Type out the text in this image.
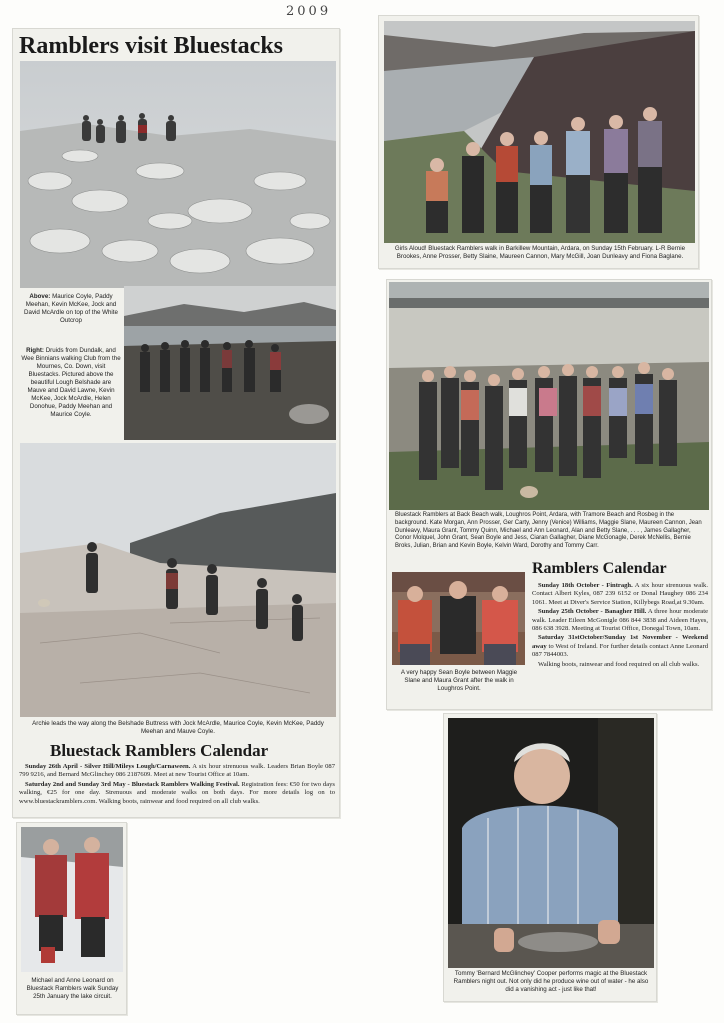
2009
Ramblers visit Bluestacks
Above: Maurice Coyle, Paddy Meehan, Kevin McKee, Jock and David McArdle on top of the White Outcrop
Right: Druids from Dundalk, and Wee Binnians walking Club from the Mournes, Co. Down, visit Bluestacks. Pictured above the beautiful Lough Belshade are Mauve and David Lawne, Kevin McKee, Jock McArdle, Helen Donohue, Paddy Meehan and Maurice Coyle.
Archie leads the way along the Belshade Buttress with Jock McArdle, Maurice Coyle, Kevin McKee, Paddy Meehan and Mauve Coyle.
Bluestack Ramblers Calendar

Sunday 26th April - Silver Hill/Mileys Lough/Carnaween. A six hour strenuous walk. Leaders Brian Boyle 087 799 9216, and Bernard McGlinchey 086 2187609. Meet at new Tourist Office at 10am.

Saturday 2nd and Sunday 3rd May - Bluestack Ramblers Walking Festival. Registration fees: €50 for two days walking, €25 for one day. Strenuous and moderate walks on both days. For more details log on to www.bluestackramblers.com. Walking boots, rainwear and food required on all club walks.

Girls Aloud! Bluestack Ramblers walk in Barkillew Mountain, Ardara, on Sunday 15th February. L-R Bernie Brookes, Anne Prosser, Betty Slaine, Maureen Cannon, Mary McGill, Joan Dunleavy and Fiona Baglane.
Bluestack Ramblers at Back Beach walk, Loughros Point, Ardara, with Tramore Beach and Rosbeg in the background. Kate Morgan, Ann Prosser, Ger Carty, Jenny (Venice) Williams, Maggie Slane, Maureen Cannon, Jean Dunleavy, Maura Grant, Tommy Quinn, Michael and Ann Leonard, Alan and Betty Slane, . . . , James Gallagher, Conor Molquel, John Grant, Sean Boyle and Jess, Ciaran Gallagher, Diane McGonagle, Derek McNellis, Bernie Broks, Julian, Brian and Kevin Boyle, Kelvin Ward, Dorothy and Tommy Carr.
A very happy Sean Boyle between Maggie Slane and Maura Grant after the walk in Loughros Point.
Ramblers Calendar

Sunday 18th October - Fintragh. A six hour strenuous walk. Contact Albert Kyles, 087 239 6152 or Donal Haughey 086 234 1061. Meet at Diver's Service Station, Killybegs Road,at 9.30am.

Sunday 25th October - Banagher Hill. A three hour moderate walk. Leader Eileen McGonigle 086 844 3838 and Aideen Hayes, 086 638 3928. Meeting at Tourist Office, Donegal Town, 10am.

Saturday 31stOctober/Sunday 1st November - Weekend away to West of Ireland. For further details contact Anne Leonard 087 7844003.

Walking boots, rainwear and food required on all club walks.

Michael and Anne Leonard on Bluestack Ramblers walk Sunday 25th January the lake circuit.
Tommy 'Bernard McGlinchey' Cooper performs magic at the Bluestack Ramblers night out. Not only did he produce wine out of water - he also did a vanishing act - just like that!
